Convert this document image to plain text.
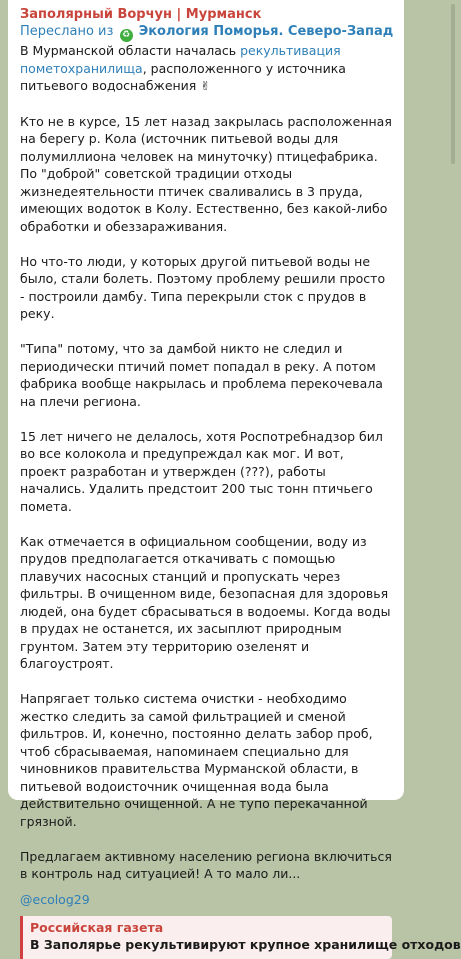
Заполярный Ворчун | Мурманск
Переслано из ♻ Экология Поморья. Северо-Запад

В Мурманской области началась рекультивация пометохранилища, расположенного у источника питьевого водоснабжения ✌

Кто не в курсе, 15 лет назад закрылась расположенная на берегу р. Кола (источник питьевой воды для полумиллиона человек на минуточку) птицефабрика. По "доброй" советской традиции отходы жизнедеятельности птичек сваливались в 3 пруда, имеющих водоток в Колу. Естественно, без какой-либо обработки и обеззараживания.

Но что-то люди, у которых другой питьевой воды не было, стали болеть. Поэтому проблему решили просто - построили дамбу. Типа перекрыли сток с прудов в реку.

"Типа" потому, что за дамбой никто не следил и периодически птичий помет попадал в реку. А потом фабрика вообще накрылась и проблема перекочевала на плечи региона.

15 лет ничего не делалось, хотя Роспотребнадзор бил во все колокола и предупреждал как мог. И вот, проект разработан и утвержден (???), работы начались. Удалить предстоит 200 тыс тонн птичьего помета.

Как отмечается в официальном сообщении, воду из прудов предполагается откачивать с помощью плавучих насосных станций и пропускать через фильтры. В очищенном виде, безопасная для здоровья людей, она будет сбрасываться в водоемы. Когда воды в прудах не останется, их засыплют природным грунтом. Затем эту территорию озеленят и благоустроят.

Напрягает только система очистки - необходимо жестко следить за самой фильтрацией и сменой фильтров. И, конечно, постоянно делать забор проб, чтоб сбрасываемая, напоминаем специально для чиновников правительства Мурманской области, в питьевой водоисточник очищенная вода была действительно очищенной. А не тупо перекачанной грязной.

Предлагаем активному населению региона включиться в контроль над ситуацией! А то мало ли...

@ecolog29
Российская газета
В Заполярье рекультивируют крупное хранилище отходов
